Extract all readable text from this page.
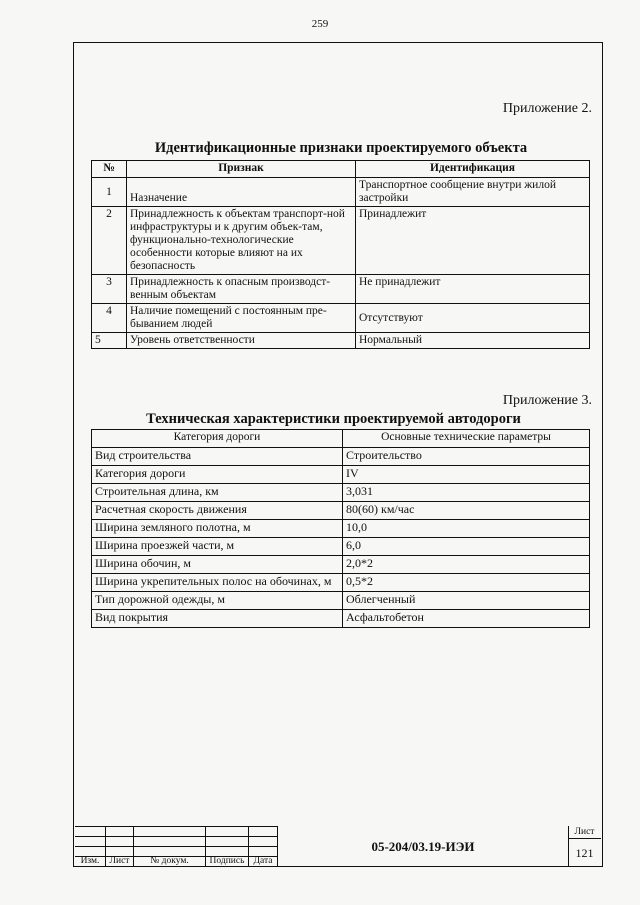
259
Приложение 2.
Идентификационные признаки проектируемого объекта
№	Признак	Идентификация
1	Назначение	Транспортное сообщение внутри жилой застройки
2	Принадлежность к объектам транспорт-ной инфраструктуры и к другим объек-там, функционально-технологические особенности которые влияют на их безопасность	Принадлежит
3	Принадлежность к опасным производст-венным объектам	Не принадлежит
4	Наличие помещений с постоянным пре-быванием людей	Отсутствуют
5	Уровень ответственности	Нормальный
Приложение 3.
Техническая характеристики проектируемой автодороги
Категория дороги	Основные технические параметры
Вид строительства	Строительство
Категория дороги	IV
Строительная длина, км	3,031
Расчетная скорость движения	80(60) км/час
Ширина земляного полотна, м	10,0
Ширина проезжей части, м	6,0
Ширина обочин, м	2,0*2
Ширина укрепительных полос на обочинах, м	0,5*2
Тип дорожной одежды, м	Облегченный
Вид покрытия	Асфальтобетон
Изм.	Лист	№ докум.	Подпись Дата
05-204/03.19-ИЭИ
Лист
121
